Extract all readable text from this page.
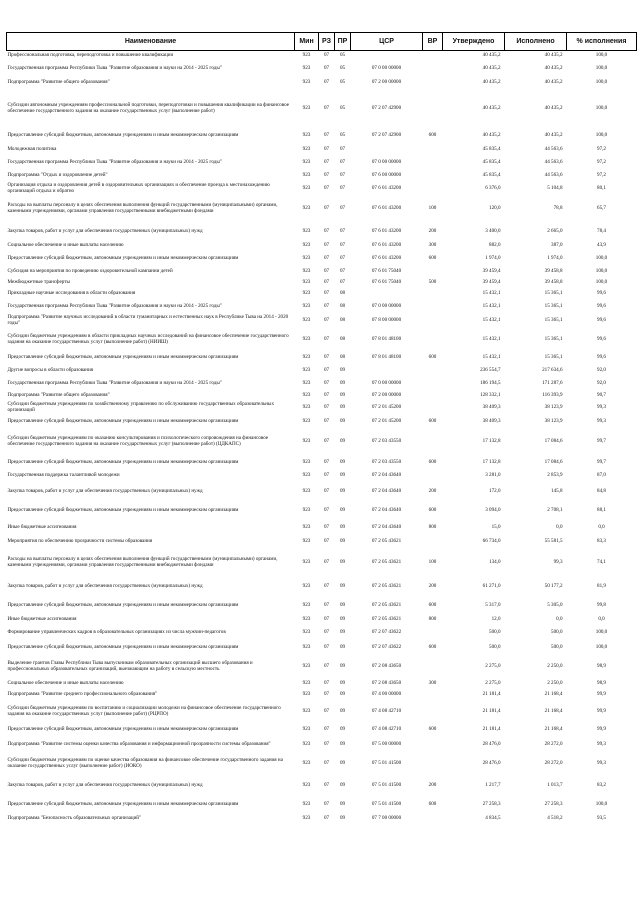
Наименование	Мин	РЗ	ПР	ЦСР	ВР	Утверждено	Исполнено	% исполнения
Профессиональная подготовка, переподготовка и повышение квалификации	923	07	05			40 435,2	40 435,2	100,0
Государственная программа Республики Тыва "Развитие образования и науки на 2014 - 2025 годы"	923	07	05	07 0 00 00000		40 435,2	40 435,2	100,0
Подпрограмма "Развитие общего образования"	923	07	05	07 2 00 00000		40 435,2	40 435,2	100,0
Субсидии автономным учреждениям профессиональной подготовки, переподготовки и повышения квалификации на финансовое обеспечение государственного задания на оказание государственных услуг (выполнение работ)	923	07	05	07 2 07 42900		40 435,2	40 435,2	100,0
Предоставление субсидий бюджетным, автономным учреждениям и иным некоммерческим организациям	923	07	05	07 2 07 42900	600	40 435,2	40 435,2	100,0
Молодежная политика	923	07	07			45 835,4	44 563,6	97,2
Государственная программа Республики Тыва "Развитие образования и науки на 2014 - 2025 годы"	923	07	07	07 0 00 00000		45 835,4	44 563,6	97,2
Подпрограмма "Отдых и оздоровление детей"	923	07	07	07 6 00 00000		45 835,4	44 563,6	97,2
Организация отдыха и оздоровления детей в оздоровительных организациях и обеспечение проезда к местонахождению организаций отдыха и обратно	923	07	07	07 6 01 43200		6 376,0	5 104,8	80,1
Расходы на выплаты персоналу в целях обеспечения выполнения функций государственными (муниципальными) органами, казенными учреждениями, органами управления государственными внебюджетными фондами	923	07	07	07 6 01 43200	100	120,0	78,8	65,7
Закупка товаров, работ и услуг для обеспечения государственных (муниципальных) нужд	923	07	07	07 6 01 43200	200	3 400,0	2 665,0	78,4
Социальное обеспечение и иные выплаты населению	923	07	07	07 6 01 43200	300	882,0	387,0	43,9
Предоставление субсидий бюджетным, автономным учреждениям и иным некоммерческим организациям	923	07	07	07 6 01 43200	600	1 974,0	1 974,0	100,0
Субсидия на мероприятия по проведению оздоровительной кампании детей	923	07	07	07 6 01 75040		39 459,4	39 458,8	100,0
Межбюджетные трансферты	923	07	07	07 6 01 75040	500	39 459,4	39 458,8	100,0
Прикладные научные исследования в области образования	923	07	08			15 432,1	15 365,1	99,6
Государственная программа Республики Тыва "Развитие образования и науки на 2014 - 2025 годы"	923	07	08	07 0 00 00000		15 432,1	15 365,1	99,6
Подпрограмма "Развитие научных исследований в области гуманитарных и естественных наук в Республике Тыва на 2014 - 2020 годы"	923	07	08	07 8 00 00000		15 432,1	15 365,1	99,6
Субсидии бюджетным учреждениям в области прикладных научных исследований на финансовое обеспечение государственного задания на оказание государственных услуг (выполнение работ) (НИИШ)	923	07	08	07 8 01 48100		15 432,1	15 365,1	99,6
Предоставление субсидий бюджетным, автономным учреждениям и иным некоммерческим организациям	923	07	08	07 8 01 48100	600	15 432,1	15 365,1	99,6
Другие вопросы в области образования	923	07	09			236 554,7	217 634,6	92,0
Государственная программа Республики Тыва "Развитие образования и науки на 2014 - 2025 годы"	923	07	09	07 0 00 00000		186 194,5	171 287,6	92,0
Подпрограмма "Развитие общего образования"	923	07	09	07 2 00 00000		128 332,1	116 393,9	90,7
Субсидии бюджетным учреждениям по хозяйственному управлению по обслуживанию государственных образовательных организаций	923	07	09	07 2 01 45200		38 409,3	38 123,9	99,3
Предоставление субсидий бюджетным, автономным учреждениям и иным некоммерческим организациям	923	07	09	07 2 01 45200	600	38 409,3	38 123,9	99,3
Субсидии бюджетным учреждениям по оказанию консультирования и психологического сопровождения на финансовое обеспечение государственного задания на оказание государственных услуг (выполнение работ) (ЦДКАПС)	923	07	09	07 2 03 43550		17 132,8	17 084,6	99,7
Предоставление субсидий бюджетным, автономным учреждениям и иным некоммерческим организациям	923	07	09	07 2 03 43550	600	17 132,8	17 084,6	99,7
Государственная поддержка талантливой молодежи	923	07	09	07 2 04 43640		3 281,0	2 853,9	87,0
Закупка товаров, работ и услуг для обеспечения государственных (муниципальных) нужд	923	07	09	07 2 04 43640	200	172,0	145,8	84,8
Предоставление субсидий бюджетным, автономным учреждениям и иным некоммерческим организациям	923	07	09	07 2 04 43640	600	3 094,0	2 708,1	88,1
Иные бюджетные ассигнования	923	07	09	07 2 04 43640	800	15,0	0,0	0,0
Мероприятия по обеспечению прозрачности системы образования	923	07	09	07 2 05 43621		66 734,0	55 581,5	83,3
Расходы на выплаты персоналу в целях обеспечения выполнения функций государственными (муниципальными) органами, казенными учреждениями, органами управления государственными внебюджетными фондами	923	07	09	07 2 05 43621	100	134,0	99,3	74,1
Закупка товаров, работ и услуг для обеспечения государственных (муниципальных) нужд	923	07	09	07 2 05 43621	200	61 271,0	50 177,2	81,9
Предоставление субсидий бюджетным, автономным учреждениям и иным некоммерческим организациям	923	07	09	07 2 05 43621	600	5 317,0	5 305,0	99,8
Иные бюджетные ассигнования	923	07	09	07 2 05 43621	800	12,0	0,0	0,0
Формирование управленческих кадров в образовательных организациях из числа мужчин-педагогов	923	07	09	07 2 07 43622		500,0	500,0	100,0
Предоставление субсидий бюджетным, автономным учреждениям и иным некоммерческим организациям	923	07	09	07 2 07 43622	600	500,0	500,0	100,0
Выделение грантов Главы Республики Тыва выпускникам образовательных организаций высшего образования и профессиональных образовательных организаций, выезжающим на работу в сельскую местность	923	07	09	07 2 08 43650		2 275,0	2 250,0	98,9
Социальное обеспечение и иные выплаты населению	923	07	09	07 2 08 43650	300	2 275,0	2 250,0	98,9
Подпрограмма "Развитие среднего профессионального образования"	923	07	09	07 4 00 00000		21 181,4	21 168,4	99,9
Субсидии бюджетным учреждениям по воспитанию и социализации молодежи на финансовое обеспечение государственного задания на оказание государственных услуг (выполнение работ) (РЦРПО)	923	07	09	07 4 08 42710		21 181,4	21 168,4	99,9
Предоставление субсидий бюджетным, автономным учреждениям и иным некоммерческим организациям	923	07	09	07 4 08 42710	600	21 181,4	21 168,4	99,9
Подпрограмма "Развитие системы оценки качества образования и информационной прозрачности системы образования"	923	07	09	07 5 00 00000		28 476,0	28 272,0	99,3
Субсидии бюджетным учреждениям по оценке качества образования на финансовое обеспечение государственного задания на оказание государственных услуг (выполнение работ) (ИОКО)	923	07	09	07 5 01 41500		28 476,0	28 272,0	99,3
Закупка товаров, работ и услуг для обеспечения государственных (муниципальных) нужд	923	07	09	07 5 01 41500	200	1 217,7	1 013,7	83,2
Предоставление субсидий бюджетным, автономным учреждениям и иным некоммерческим организациям	923	07	09	07 5 01 41500	600	27 258,3	27 258,3	100,0
Подпрограмма "Безопасность образовательных организаций"	923	07	09	07 7 00 00000		4 834,5	4 518,2	93,5
